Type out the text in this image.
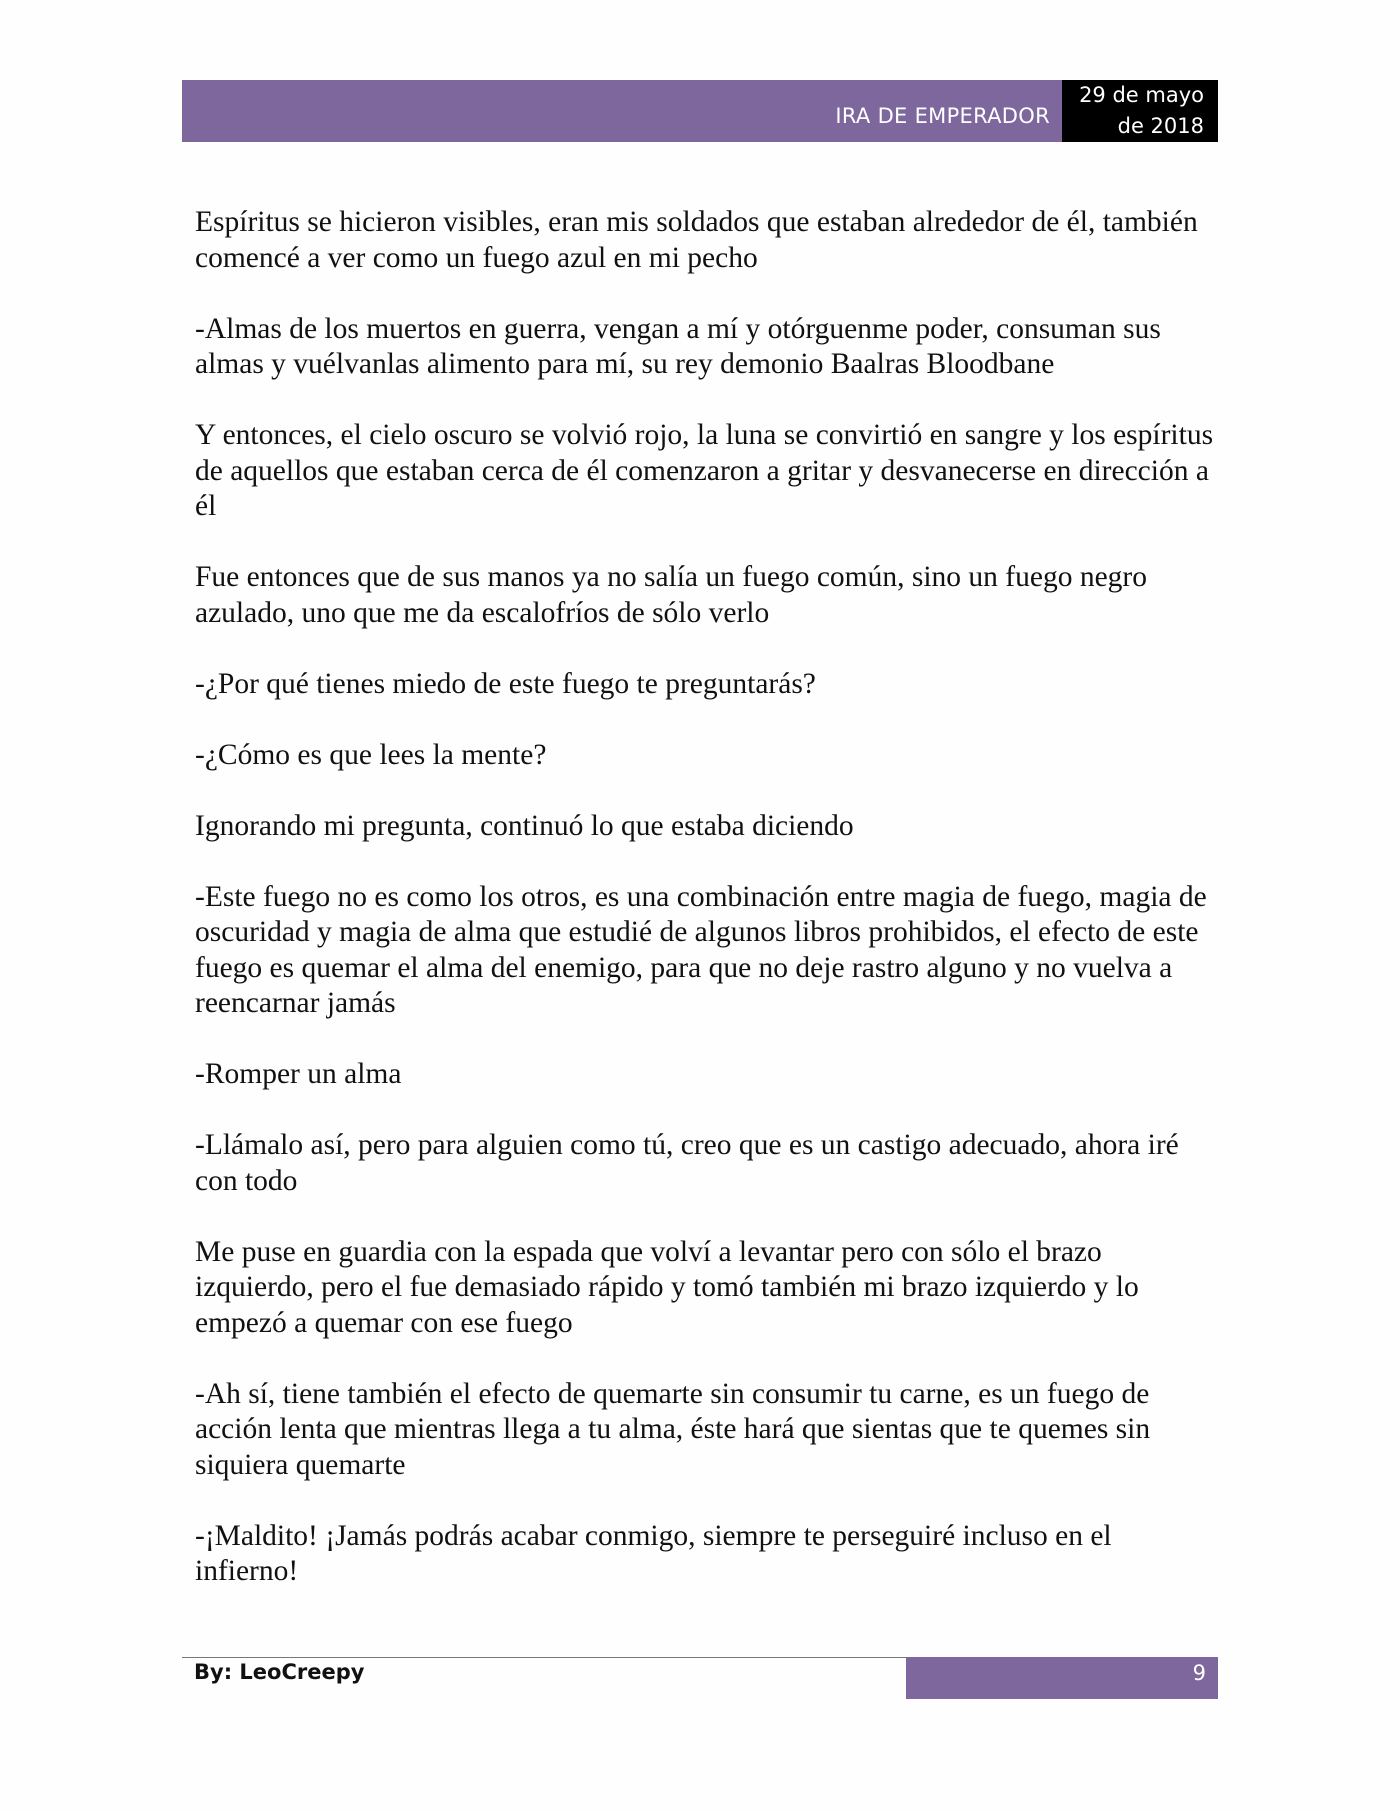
IRA DE EMPERADOR
29 de mayo
de 2018

Espíritus se hicieron visibles, eran mis soldados que estaban alrededor de él, también comencé a ver como un fuego azul en mi pecho

-Almas de los muertos en guerra, vengan a mí y otórguenme poder, consuman sus almas y vuélvanlas alimento para mí, su rey demonio Baalras Bloodbane

Y entonces, el cielo oscuro se volvió rojo, la luna se convirtió en sangre y los espíritus de aquellos que estaban cerca de él comenzaron a gritar y desvanecerse en dirección a él

Fue entonces que de sus manos ya no salía un fuego común, sino un fuego negro azulado, uno que me da escalofríos de sólo verlo

-¿Por qué tienes miedo de este fuego te preguntarás?

-¿Cómo es que lees la mente?

Ignorando mi pregunta, continuó lo que estaba diciendo

-Este fuego no es como los otros, es una combinación entre magia de fuego, magia de oscuridad y magia de alma que estudié de algunos libros prohibidos, el efecto de este fuego es quemar el alma del enemigo, para que no deje rastro alguno y no vuelva a reencarnar jamás

-Romper un alma

-Llámalo así, pero para alguien como tú, creo que es un castigo adecuado, ahora iré con todo

Me puse en guardia con la espada que volví a levantar pero con sólo el brazo izquierdo, pero el fue demasiado rápido y tomó también mi brazo izquierdo y lo empezó a quemar con ese fuego

-Ah sí, tiene también el efecto de quemarte sin consumir tu carne, es un fuego de acción lenta que mientras llega a tu alma, éste hará que sientas que te quemes sin siquiera quemarte

-¡Maldito! ¡Jamás podrás acabar conmigo, siempre te perseguiré incluso en el infierno!

By: LeoCreepy	9
